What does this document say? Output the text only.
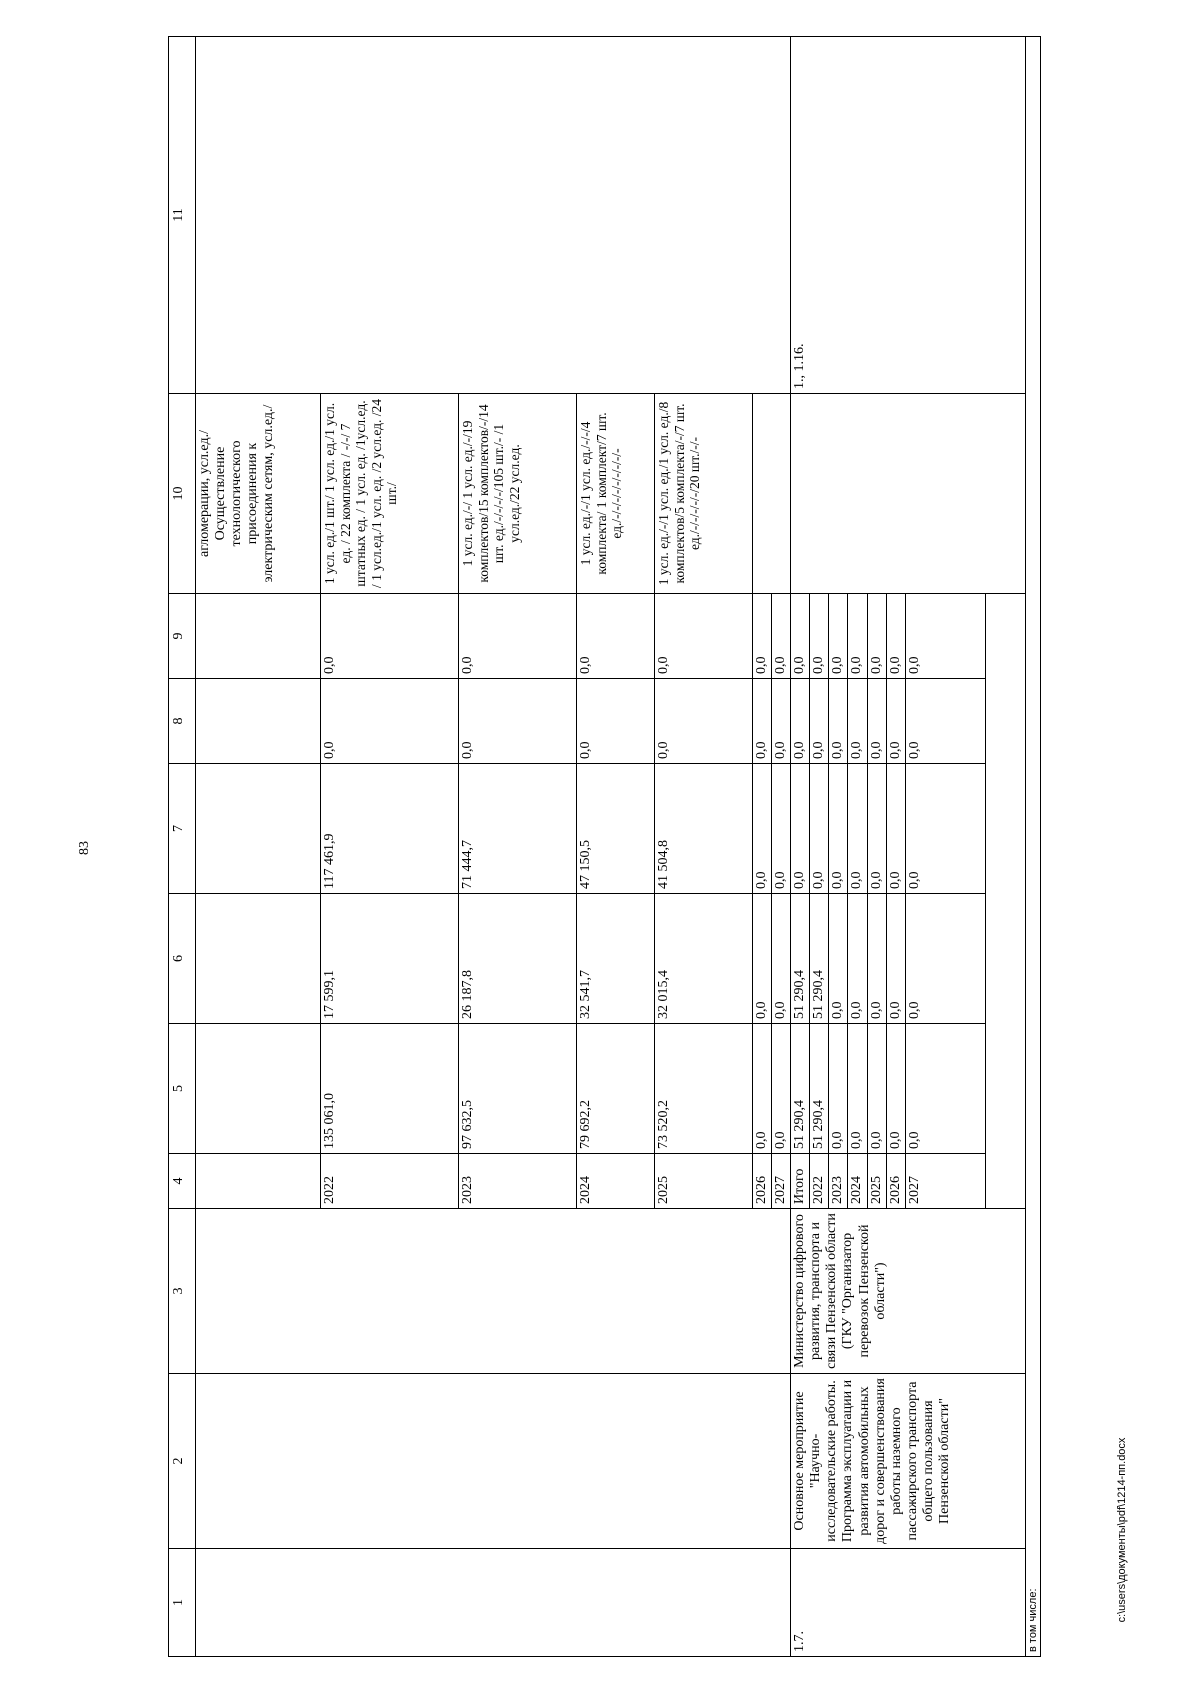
83
c:\users\документы\pdf\1214-пп.docx
1	2	3	4	5	6	7	8	9	10	11
									агломерации, усл.ед./Осуществление технологического присоединения к электрическим сетям, усл.ед./	
			2022	135 061,0	17 599,1	117 461,9	0,0	0,0	1 усл. ед./1 шт./ 1 усл. ед./1 усл. ед. / 22 комплекта / -/-/ 7 штатных ед. / 1 усл. ед. /1усл.ед. / 1 усл.ед./1 усл. ед. /2 усл.ед. /24 шт./	
			2023	97 632,5	26 187,8	71 444,7	0,0	0,0	1 усл. ед./-/ 1 усл. ед./-/19 комплектов/15 комплектов/-/14 шт. ед./-/-/-/-/105 шт./- /1 усл.ед./22 усл.ед.	
			2024	79 692,2	32 541,7	47 150,5	0,0	0,0	1 усл. ед./-/1 усл. ед./-/-/4 комплекта/ 1 комплект/7 шт. ед./-/-/-/-/-/-/-/-/-	
			2025	73 520,2	32 015,4	41 504,8	0,0	0,0	1 усл. ед./-/1 усл. ед./1 усл. ед./8 комплектов/5 комплекта/-/7 шт. ед./-/-/-/-/-/20 шт./-/-	
			2026	0,0	0,0	0,0	0,0	0,0		
			2027	0,0	0,0	0,0	0,0	0,0		
1.7.	Основное мероприятие "Научно-исследовательские работы. Программа эксплуатации и развития автомобильных дорог и совершенствования работы наземного пассажирского транспорта общего пользования Пензенской области"	Министерство цифрового развития, транспорта и связи Пензенской области (ГКУ "Организатор перевозок Пензенской области")	Итого	51 290,4	51 290,4	0,0	0,0	0,0		1., 1.16.
			2022	51 290,4	51 290,4	0,0	0,0	0,0		
			2023	0,0	0,0	0,0	0,0	0,0		
			2024	0,0	0,0	0,0	0,0	0,0		
			2025	0,0	0,0	0,0	0,0	0,0		
			2026	0,0	0,0	0,0	0,0	0,0		
			2027	0,0	0,0	0,0	0,0	0,0		

в том числе:										
